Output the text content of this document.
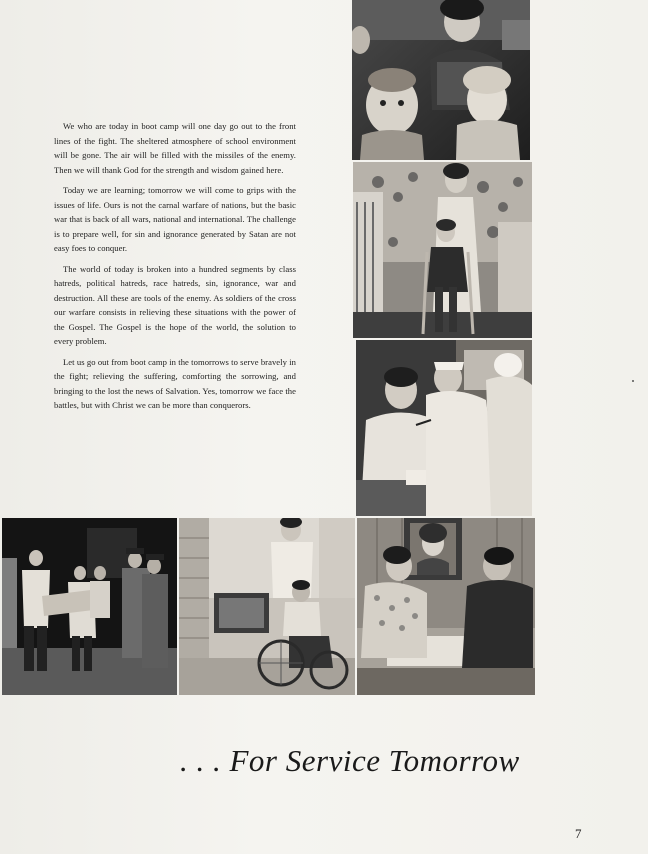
We who are today in boot camp will one day go out to the front lines of the fight. The sheltered atmosphere of school environment will be gone. The air will be filled with the missiles of the enemy. Then we will thank God for the strength and wisdom gained here.

Today we are learning; tomorrow we will come to grips with the issues of life. Ours is not the carnal warfare of nations, but the basic war that is back of all wars, national and international. The challenge is to prepare well, for sin and ignorance generated by Satan are not easy foes to conquer.

The world of today is broken into a hundred segments by class hatreds, political hatreds, race hatreds, sin, ignorance, war and destruction. All these are tools of the enemy. As soldiers of the cross our warfare consists in relieving these situations with the power of the Gospel. The Gospel is the hope of the world, the solution to every problem.

Let us go out from boot camp in the tomorrows to serve bravely in the fight; relieving the suffering, comforting the sorrowing, and bringing to the lost the news of Salvation. Yes, tomorrow we face the battles, but with Christ we can be more than conquerors.

. . . For Service Tomorrow
7
